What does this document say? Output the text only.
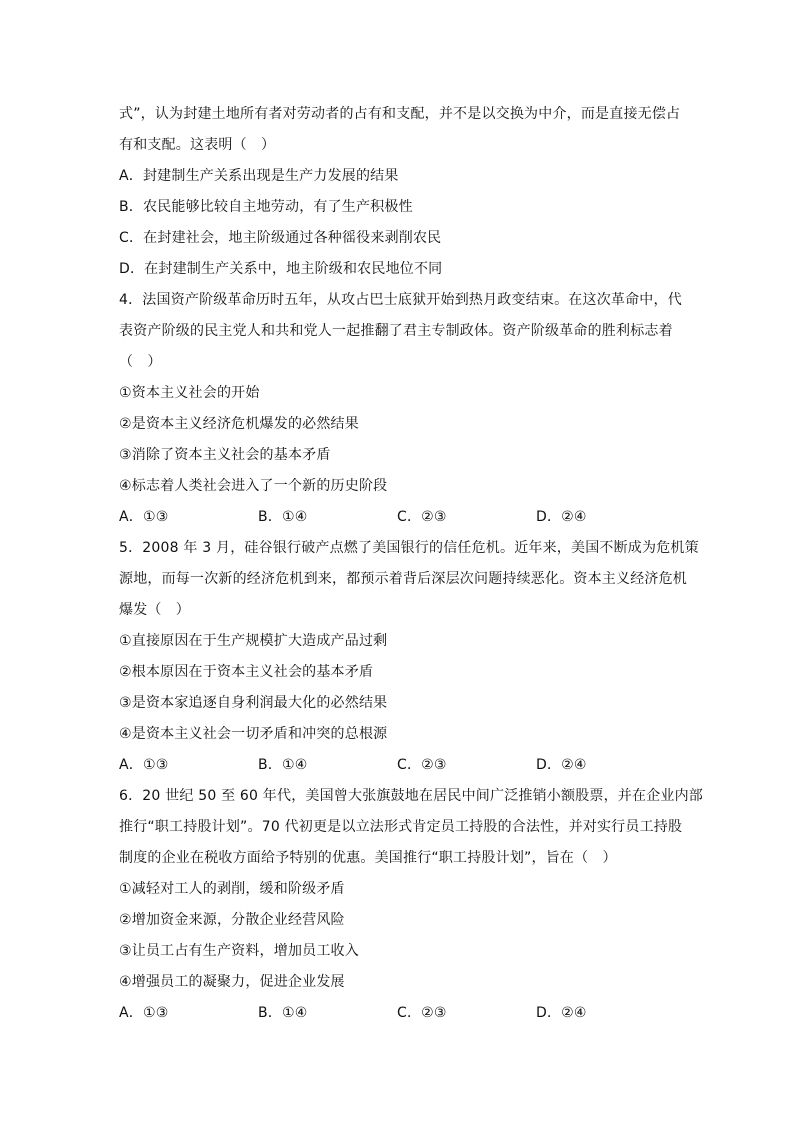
式”，认为封建土地所有者对劳动者的占有和支配，并不是以交换为中介，而是直接无偿占
有和支配。这表明（　）
A．封建制生产关系出现是生产力发展的结果
B．农民能够比较自主地劳动，有了生产积极性
C．在封建社会，地主阶级通过各种徭役来剥削农民
D．在封建制生产关系中，地主阶级和农民地位不同
4．法国资产阶级革命历时五年，从攻占巴士底狱开始到热月政变结束。在这次革命中，代
表资产阶级的民主党人和共和党人一起推翻了君主专制政体。资产阶级革命的胜利标志着
（　）
①资本主义社会的开始
②是资本主义经济危机爆发的必然结果
③消除了资本主义社会的基本矛盾
④标志着人类社会进入了一个新的历史阶段
A．①③	B．①④	C．②③	D．②④
5．2008 年 3 月，硅谷银行破产点燃了美国银行的信任危机。近年来，美国不断成为危机策
源地，而每一次新的经济危机到来，都预示着背后深层次问题持续恶化。资本主义经济危机
爆发（　）
①直接原因在于生产规模扩大造成产品过剩
②根本原因在于资本主义社会的基本矛盾
③是资本家追逐自身利润最大化的必然结果
④是资本主义社会一切矛盾和冲突的总根源
A．①③	B．①④	C．②③	D．②④
6．20 世纪 50 至 60 年代，美国曾大张旗鼓地在居民中间广泛推销小额股票，并在企业内部
推行“职工持股计划”。70 代初更是以立法形式肯定员工持股的合法性，并对实行员工持股
制度的企业在税收方面给予特别的优惠。美国推行“职工持股计划”，旨在（　）
①减轻对工人的剥削，缓和阶级矛盾
②增加资金来源，分散企业经营风险
③让员工占有生产资料，增加员工收入
④增强员工的凝聚力，促进企业发展
A．①③	B．①④	C．②③	D．②④
